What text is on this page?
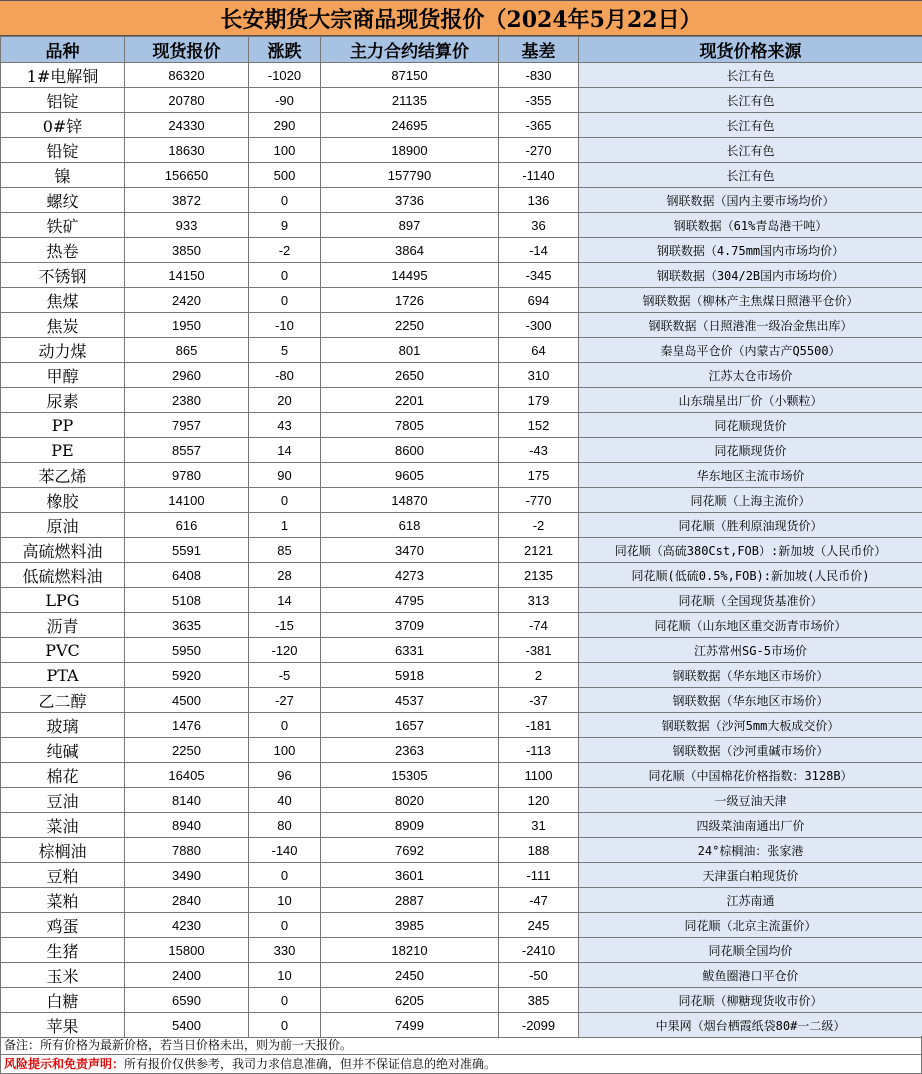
长安期货大宗商品现货报价（2024年5月22日）
品种	现货报价	涨跌	主力合约结算价	基差	现货价格来源
1#电解铜	86320	-1020	87150	-830	长江有色
铝锭	20780	-90	21135	-355	长江有色
0#锌	24330	290	24695	-365	长江有色
铅锭	18630	100	18900	-270	长江有色
镍	156650	500	157790	-1140	长江有色
螺纹	3872	0	3736	136	钢联数据（国内主要市场均价）
铁矿	933	9	897	36	钢联数据（61%青岛港干吨）
热卷	3850	-2	3864	-14	钢联数据（4.75mm国内市场均价）
不锈钢	14150	0	14495	-345	钢联数据（304/2B国内市场均价）
焦煤	2420	0	1726	694	钢联数据（柳林产主焦煤日照港平仓价）
焦炭	1950	-10	2250	-300	钢联数据（日照港准一级冶金焦出库）
动力煤	865	5	801	64	秦皇岛平仓价（内蒙古产Q5500）
甲醇	2960	-80	2650	310	江苏太仓市场价
尿素	2380	20	2201	179	山东瑞星出厂价（小颗粒）
PP	7957	43	7805	152	同花顺现货价
PE	8557	14	8600	-43	同花顺现货价
苯乙烯	9780	90	9605	175	华东地区主流市场价
橡胶	14100	0	14870	-770	同花顺（上海主流价）
原油	616	1	618	-2	同花顺（胜利原油现货价）
高硫燃料油	5591	85	3470	2121	同花顺（高硫380Cst,FOB）:新加坡（人民币价）
低硫燃料油	6408	28	4273	2135	同花顺(低硫0.5%,FOB):新加坡(人民币价)
LPG	5108	14	4795	313	同花顺（全国现货基准价）
沥青	3635	-15	3709	-74	同花顺（山东地区重交沥青市场价）
PVC	5950	-120	6331	-381	江苏常州SG-5市场价
PTA	5920	-5	5918	2	钢联数据（华东地区市场价）
乙二醇	4500	-27	4537	-37	钢联数据（华东地区市场价）
玻璃	1476	0	1657	-181	钢联数据（沙河5mm大板成交价）
纯碱	2250	100	2363	-113	钢联数据（沙河重碱市场价）
棉花	16405	96	15305	1100	同花顺（中国棉花价格指数：3128B）
豆油	8140	40	8020	120	一级豆油天津
菜油	8940	80	8909	31	四级菜油南通出厂价
棕榈油	7880	-140	7692	188	24°棕榈油：张家港
豆粕	3490	0	3601	-111	天津蛋白粕现货价
菜粕	2840	10	2887	-47	江苏南通
鸡蛋	4230	0	3985	245	同花顺（北京主流蛋价）
生猪	15800	330	18210	-2410	同花顺全国均价
玉米	2400	10	2450	-50	鲅鱼圈港口平仓价
白糖	6590	0	6205	385	同花顺（柳糖现货收市价）
苹果	5400	0	7499	-2099	中果网（烟台栖霞纸袋80#一二级）
备注：所有价格为最新价格，若当日价格未出，则为前一天报价。
风险提示和免责声明：所有报价仅供参考，我司力求信息准确，但并不保证信息的绝对准确。
